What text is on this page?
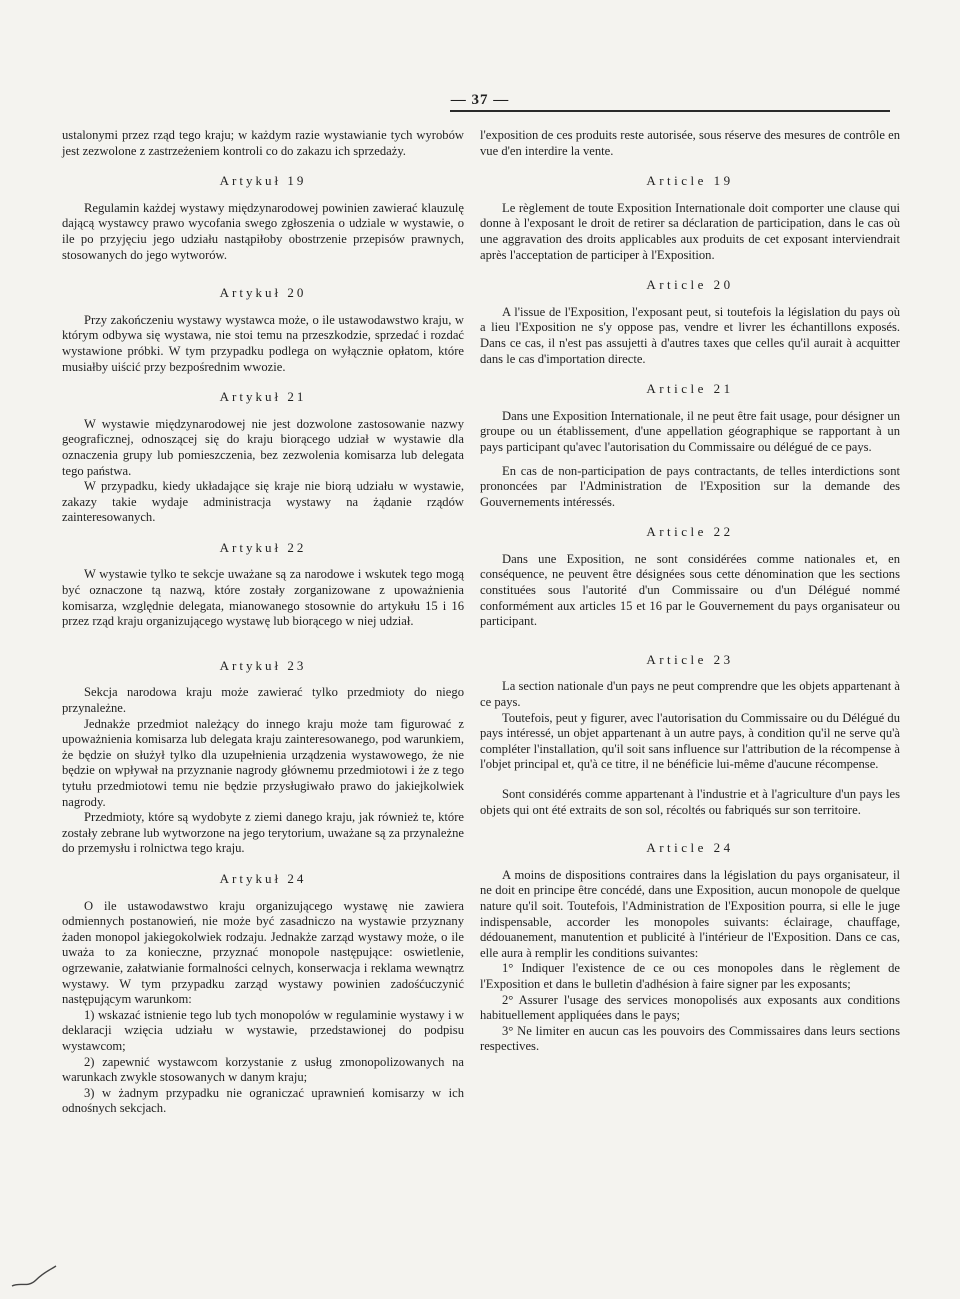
— 37 —

ustalonymi przez rząd tego kraju; w każdym razie wystawianie tych wyrobów jest zezwolone z zastrzeżeniem kontroli co do zakazu ich sprzedaży.

Artykuł 19

Regulamin każdej wystawy międzynarodowej powinien zawierać klauzulę dającą wystawcy prawo wycofania swego zgłoszenia o udziale w wystawie, o ile po przyjęciu jego udziału nastąpiłoby obostrzenie przepisów prawnych, stosowanych do jego wytworów.

Artykuł 20

Przy zakończeniu wystawy wystawca może, o ile ustawodawstwo kraju, w którym odbywa się wystawa, nie stoi temu na przeszkodzie, sprzedać i rozdać wystawione próbki. W tym przypadku podlega on wyłącznie opłatom, które musiałby uiścić przy bezpośrednim wwozie.

Artykuł 21

W wystawie międzynarodowej nie jest dozwolone zastosowanie nazwy geograficznej, odnoszącej się do kraju biorącego udział w wystawie dla oznaczenia grupy lub pomieszczenia, bez zezwolenia komisarza lub delegata tego państwa.

W przypadku, kiedy układające się kraje nie biorą udziału w wystawie, zakazy takie wydaje administracja wystawy na żądanie rządów zainteresowanych.

Artykuł 22

W wystawie tylko te sekcje uważane są za narodowe i wskutek tego mogą być oznaczone tą nazwą, które zostały zorganizowane z upoważnienia komisarza, względnie delegata, mianowanego stosownie do artykułu 15 i 16 przez rząd kraju organizującego wystawę lub biorącego w niej udział.

Artykuł 23

Sekcja narodowa kraju może zawierać tylko przedmioty do niego przynależne.

Jednakże przedmiot należący do innego kraju może tam figurować z upoważnienia komisarza lub delegata kraju zainteresowanego, pod warunkiem, że będzie on służył tylko dla uzupełnienia urządzenia wystawowego, że nie będzie on wpływał na przyznanie nagrody głównemu przedmiotowi i że z tego tytułu przedmiotowi temu nie będzie przysługiwało prawo do jakiejkolwiek nagrody.

Przedmioty, które są wydobyte z ziemi danego kraju, jak również te, które zostały zebrane lub wytworzone na jego terytorium, uważane są za przynależne do przemysłu i rolnictwa tego kraju.

Artykuł 24

O ile ustawodawstwo kraju organizującego wystawę nie zawiera odmiennych postanowień, nie może być zasadniczo na wystawie przyznany żaden monopol jakiegokolwiek rodzaju. Jednakże zarząd wystawy może, o ile uważa to za konieczne, przyznać monopole następujące: oswietlenie, ogrzewanie, załatwianie formalności celnych, konserwacja i reklama wewnątrz wystawy. W tym przypadku zarząd wystawy powinien zadośćuczynić następującym warunkom:

1) wskazać istnienie tego lub tych monopolów w regulaminie wystawy i w deklaracji wzięcia udziału w wystawie, przedstawionej do podpisu wystawcom;

2) zapewnić wystawcom korzystanie z usług zmonopolizowanych na warunkach zwykle stosowanych w danym kraju;

3) w żadnym przypadku nie ograniczać uprawnień komisarzy w ich odnośnych sekcjach.

l'exposition de ces produits reste autorisée, sous réserve des mesures de contrôle en vue d'en interdire la vente.

Article 19

Le règlement de toute Exposition Internationale doit comporter une clause qui donne à l'exposant le droit de retirer sa déclaration de participation, dans le cas où une aggravation des droits applicables aux produits de cet exposant interviendrait après l'acceptation de participer à l'Exposition.

Article 20

A l'issue de l'Exposition, l'exposant peut, si toutefois la législation du pays où a lieu l'Exposition ne s'y oppose pas, vendre et livrer les échantillons exposés. Dans ce cas, il n'est pas assujetti à d'autres taxes que celles qu'il aurait à acquitter dans le cas d'importation directe.

Article 21

Dans une Exposition Internationale, il ne peut être fait usage, pour désigner un groupe ou un établissement, d'une appellation géographique se rapportant à un pays participant qu'avec l'autorisation du Commissaire ou délégué de ce pays.

En cas de non-participation de pays contractants, de telles interdictions sont prononcées par l'Administration de l'Exposition sur la demande des Gouvernements intéressés.

Article 22

Dans une Exposition, ne sont considérées comme nationales et, en conséquence, ne peuvent être désignées sous cette dénomination que les sections constituées sous l'autorité d'un Commissaire ou d'un Délégué nommé conformément aux articles 15 et 16 par le Gouvernement du pays organisateur ou participant.

Article 23

La section nationale d'un pays ne peut comprendre que les objets appartenant à ce pays.

Toutefois, peut y figurer, avec l'autorisation du Commissaire ou du Délégué du pays intéressé, un objet appartenant à un autre pays, à condition qu'il ne serve qu'à compléter l'installation, qu'il soit sans influence sur l'attribution de la récompense à l'objet principal et, qu'à ce titre, il ne bénéficie lui-même d'aucune récompense.

Sont considérés comme appartenant à l'industrie et à l'agriculture d'un pays les objets qui ont été extraits de son sol, récoltés ou fabriqués sur son territoire.

Article 24

A moins de dispositions contraires dans la législation du pays organisateur, il ne doit en principe être concédé, dans une Exposition, aucun monopole de quelque nature qu'il soit. Toutefois, l'Administration de l'Exposition pourra, si elle le juge indispensable, accorder les monopoles suivants: éclairage, chauffage, dédouanement, manutention et publicité à l'intérieur de l'Exposition. Dans ce cas, elle aura à remplir les conditions suivantes:

1° Indiquer l'existence de ce ou ces monopoles dans le règlement de l'Exposition et dans le bulletin d'adhésion à faire signer par les exposants;

2° Assurer l'usage des services monopolisés aux exposants aux conditions habituellement appliquées dans le pays;

3° Ne limiter en aucun cas les pouvoirs des Commissaires dans leurs sections respectives.
